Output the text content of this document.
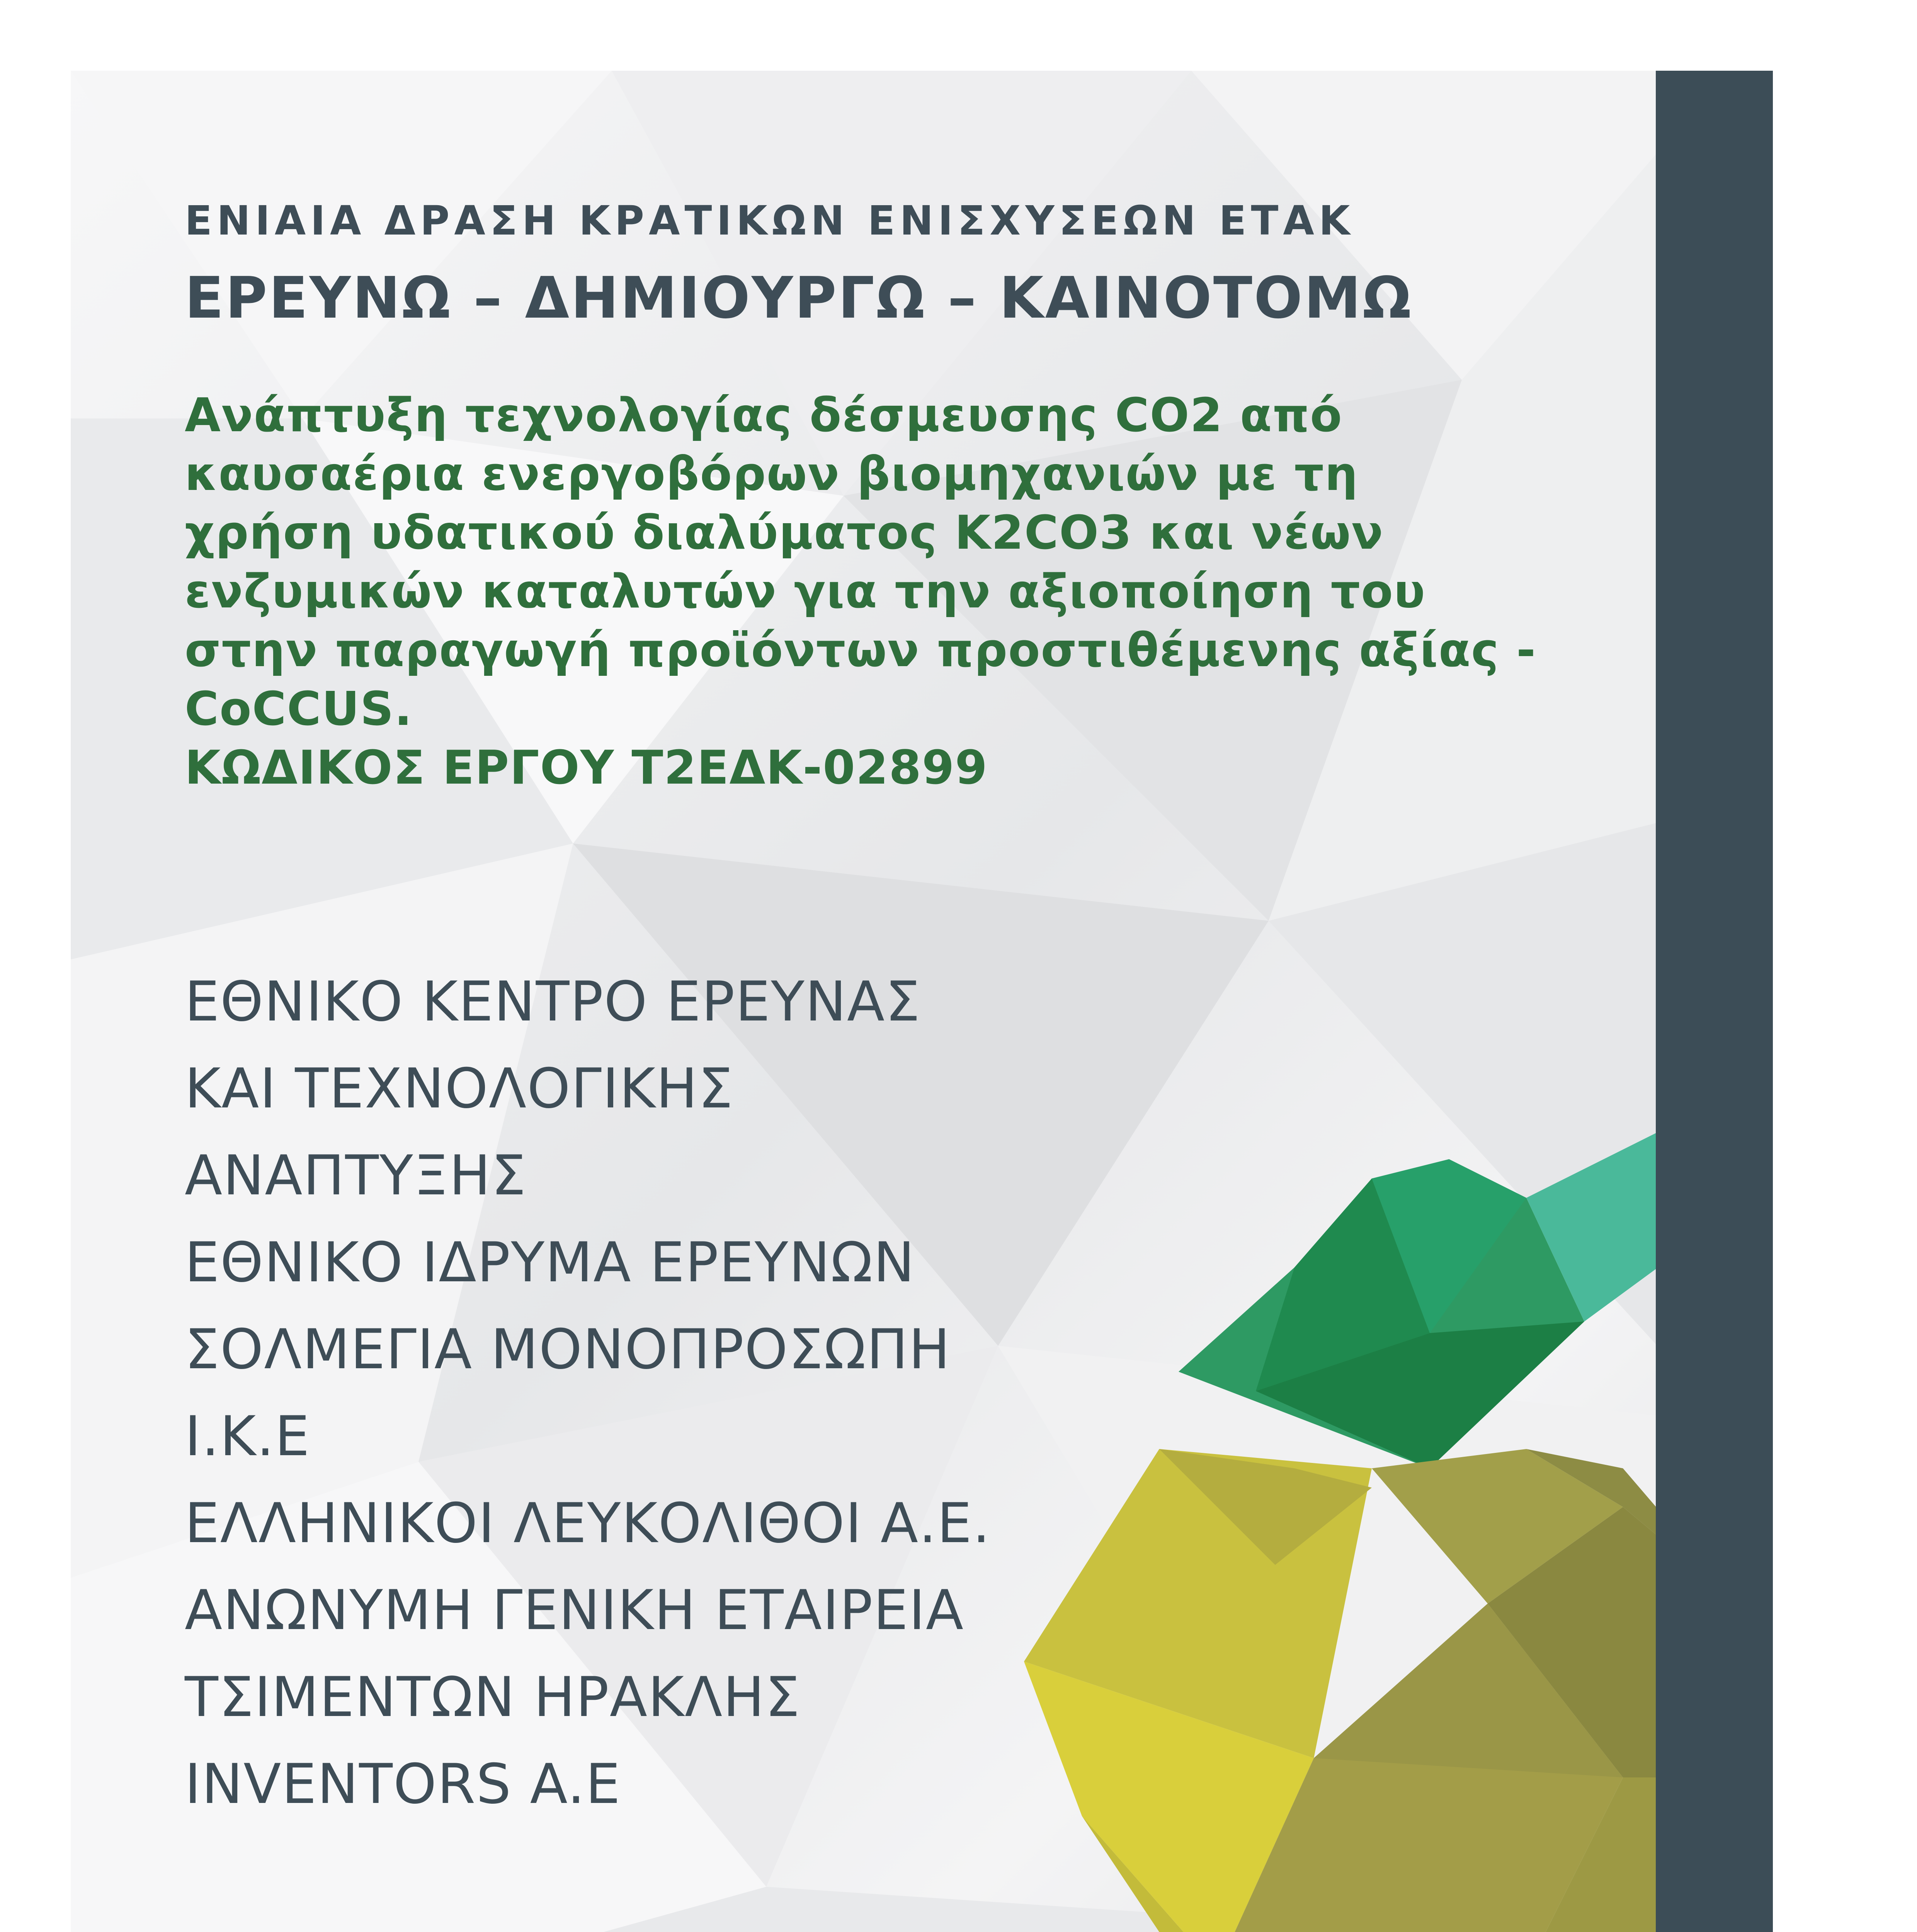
ΕΝΙΑΙΑ ΔΡΑΣΗ ΚΡΑΤΙΚΩΝ ΕΝΙΣΧΥΣΕΩΝ ΕΤΑΚ
ΕΡΕΥΝΩ – ΔΗΜΙΟΥΡΓΩ – ΚΑΙΝΟΤΟΜΩ
Ανάπτυξη τεχνολογίας δέσμευσης CO2 από
καυσαέρια ενεργοβόρων βιομηχανιών με τη
χρήση υδατικού διαλύματος K2CO3 και νέων
ενζυμικών καταλυτών για την αξιοποίηση του
στην παραγωγή προϊόντων προστιθέμενης αξίας -
CoCCUS.
ΚΩΔΙΚΟΣ ΕΡΓΟΥ Τ2ΕΔΚ-02899
ΕΘΝΙΚΟ ΚΕΝΤΡΟ ΕΡΕΥΝΑΣ
ΚΑΙ ΤΕΧΝΟΛΟΓΙΚΗΣ
ΑΝΑΠΤΥΞΗΣ
ΕΘΝΙΚΟ ΙΔΡΥΜΑ ΕΡΕΥΝΩΝ
ΣΟΛΜΕΓΙΑ ΜΟΝΟΠΡΟΣΩΠΗ
Ι.Κ.Ε
ΕΛΛΗΝΙΚΟΙ ΛΕΥΚΟΛΙΘΟΙ Α.Ε.
ΑΝΩΝΥΜΗ ΓΕΝΙΚΗ ΕΤΑΙΡΕΙΑ
ΤΣΙΜΕΝΤΩΝ ΗΡΑΚΛΗΣ
INVENTORS A.E
